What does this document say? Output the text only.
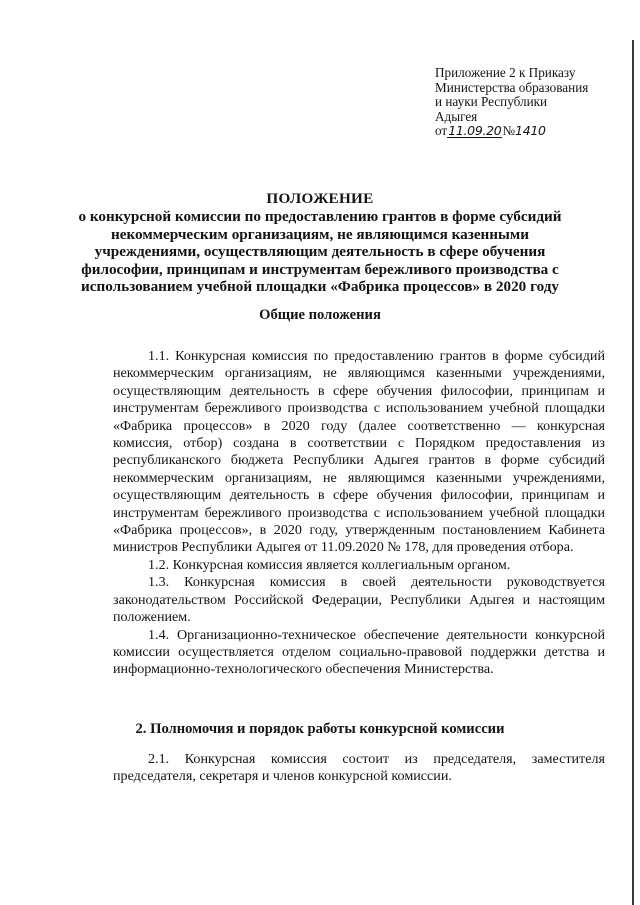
Приложение 2 к Приказу
Министерства образования
и науки Республики
Адыгея
от11.09.20№1410
ПОЛОЖЕНИЕ
о конкурсной комиссии по предоставлению грантов в форме субсидий
некоммерческим организациям, не являющимся казенными
учреждениями, осуществляющим деятельность в сфере обучения
философии, принципам и инструментам бережливого производства с
использованием учебной площадки «Фабрика процессов» в 2020 году
Общие положения

1.1. Конкурсная комиссия по предоставлению грантов в форме субсидий некоммерческим организациям, не являющимся казенными учреждениями, осуществляющим деятельность в сфере обучения философии, принципам и инструментам бережливого производства с использованием учебной площадки «Фабрика процессов» в 2020 году (далее соответственно — конкурсная комиссия, отбор) создана в соответствии с Порядком предоставления из республиканского бюджета Республики Адыгея грантов в форме субсидий некоммерческим организациям, не являющимся казенными учреждениями, осуществляющим деятельность в сфере обучения философии, принципам и инструментам бережливого производства с использованием учебной площадки «Фабрика процессов», в 2020 году, утвержденным постановлением Кабинета министров Республики Адыгея от 11.09.2020 № 178, для проведения отбора.

1.2. Конкурсная комиссия является коллегиальным органом.

1.3. Конкурсная комиссия в своей деятельности руководствуется законодательством Российской Федерации, Республики Адыгея и настоящим положением.

1.4. Организационно-техническое обеспечение деятельности конкурсной комиссии осуществляется отделом социально-правовой поддержки детства и информационно-технологического обеспечения Министерства.

2. Полномочия и порядок работы конкурсной комиссии

2.1. Конкурсная комиссия состоит из председателя, заместителя председателя, секретаря и членов конкурсной комиссии.
